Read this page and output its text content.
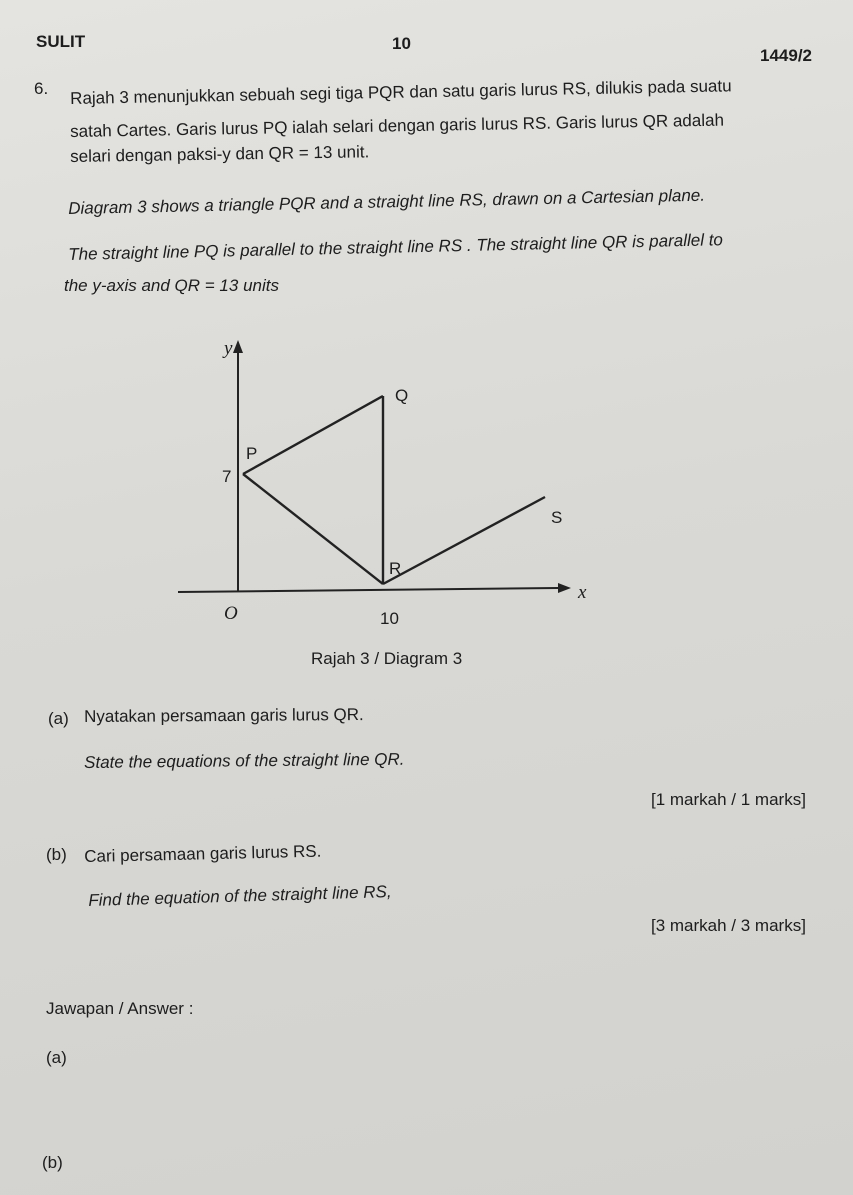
SULIT	10
1449/2
6. Rajah 3 menunjukkan sebuah segi tiga PQR dan satu garis lurus RS, dilukis pada suatu
satah Cartes. Garis lurus PQ ialah selari dengan garis lurus RS. Garis lurus QR adalah
selari dengan paksi-y dan QR = 13 unit.
Diagram 3 shows a triangle PQR and a straight line RS, drawn on a Cartesian plane.
The straight line PQ is parallel to the straight line RS . The straight line QR is parallel to
the y-axis and QR = 13 units
y
x
O
P
Q
R
S
7
10
Rajah 3 / Diagram 3
(a) Nyatakan persamaan garis lurus QR.
State the equations of the straight line QR.
[1 markah / 1 marks]
(b) Cari persamaan garis lurus RS.
Find the equation of the straight line RS,
[3 markah / 3 marks]
Jawapan / Answer :
(a)
(b)
